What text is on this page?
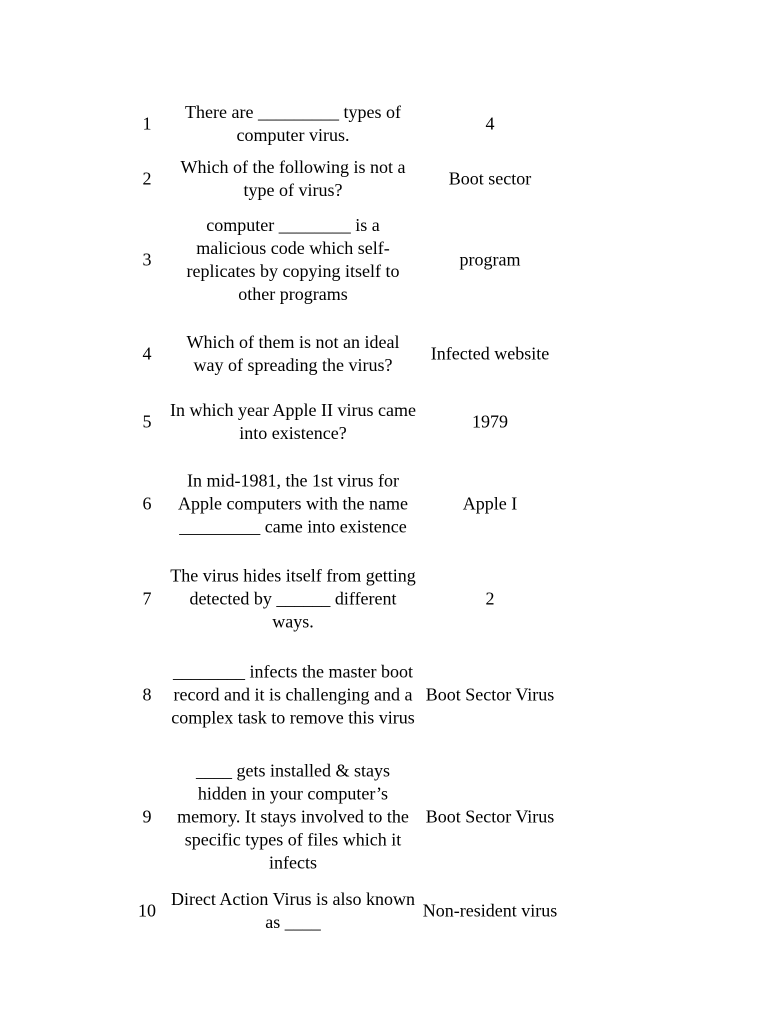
1
There are _________ types of computer virus.
4
2
Which of the following is not a type of virus?
Boot sector
3
computer ________ is a malicious code which self-replicates by copying itself to other programs
program
4
Which of them is not an ideal way of spreading the virus?
Infected website
5
In which year Apple II virus came into existence?
1979
6
In mid-1981, the 1st virus for Apple computers with the name _________ came into existence
Apple I
7
The virus hides itself from getting detected by ______ different ways.
2
8
________ infects the master boot record and it is challenging and a complex task to remove this virus
Boot Sector Virus
9
____ gets installed & stays hidden in your computer’s memory. It stays involved to the specific types of files which it infects
Boot Sector Virus
10
Direct Action Virus is also known as ____
Non-resident virus
